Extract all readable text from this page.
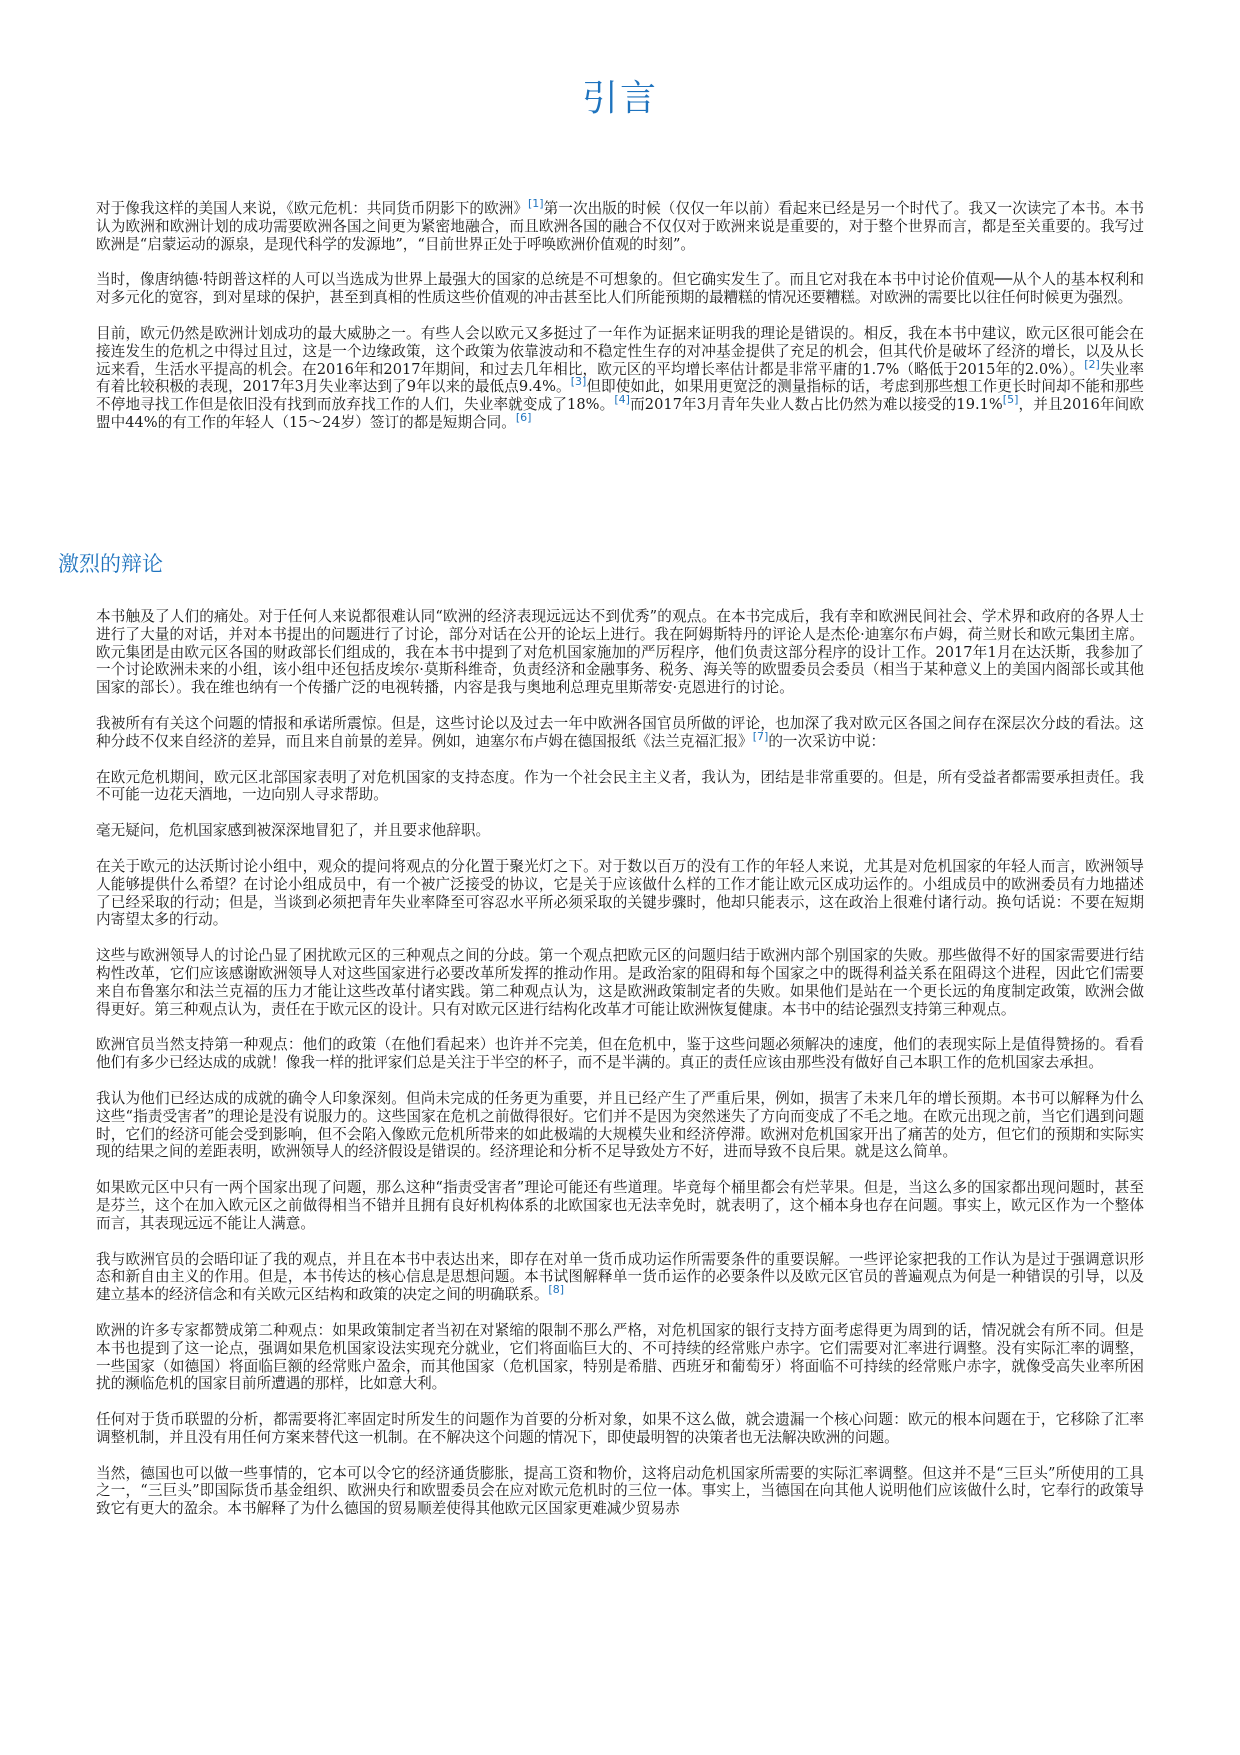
引言

对于像我这样的美国人来说，《欧元危机：共同货币阴影下的欧洲》[1]第一次出版的时候（仅仅一年以前）看起来已经是另一个时代了。我又一次读完了本书。本书认为欧洲和欧洲计划的成功需要欧洲各国之间更为紧密地融合，而且欧洲各国的融合不仅仅对于欧洲来说是重要的，对于整个世界而言，都是至关重要的。我写过欧洲是“启蒙运动的源泉，是现代科学的发源地”，“目前世界正处于呼唤欧洲价值观的时刻”。

当时，像唐纳德·特朗普这样的人可以当选成为世界上最强大的国家的总统是不可想象的。但它确实发生了。而且它对我在本书中讨论价值观──从个人的基本权利和对多元化的宽容，到对星球的保护，甚至到真相的性质这些价值观的冲击甚至比人们所能预期的最糟糕的情况还要糟糕。对欧洲的需要比以往任何时候更为强烈。

目前，欧元仍然是欧洲计划成功的最大威胁之一。有些人会以欧元又多挺过了一年作为证据来证明我的理论是错误的。相反，我在本书中建议，欧元区很可能会在接连发生的危机之中得过且过，这是一个边缘政策，这个政策为依靠波动和不稳定性生存的对冲基金提供了充足的机会，但其代价是破坏了经济的增长，以及从长远来看，生活水平提高的机会。在2016年和2017年期间，和过去几年相比，欧元区的平均增长率估计都是非常平庸的1.7%（略低于2015年的2.0%）。[2]失业率有着比较积极的表现，2017年3月失业率达到了9年以来的最低点9.4%。[3]但即使如此，如果用更宽泛的测量指标的话，考虑到那些想工作更长时间却不能和那些不停地寻找工作但是依旧没有找到而放弃找工作的人们，失业率就变成了18%。[4]而2017年3月青年失业人数占比仍然为难以接受的19.1%[5]，并且2016年间欧盟中44%的有工作的年轻人（15～24岁）签订的都是短期合同。[6]

激烈的辩论

本书触及了人们的痛处。对于任何人来说都很难认同“欧洲的经济表现远远达不到优秀”的观点。在本书完成后，我有幸和欧洲民间社会、学术界和政府的各界人士进行了大量的对话，并对本书提出的问题进行了讨论，部分对话在公开的论坛上进行。我在阿姆斯特丹的评论人是杰伦·迪塞尔布卢姆，荷兰财长和欧元集团主席。欧元集团是由欧元区各国的财政部长们组成的，我在本书中提到了对危机国家施加的严厉程序，他们负责这部分程序的设计工作。2017年1月在达沃斯，我参加了一个讨论欧洲未来的小组，该小组中还包括皮埃尔·莫斯科维奇，负责经济和金融事务、税务、海关等的欧盟委员会委员（相当于某种意义上的美国内阁部长或其他国家的部长）。我在维也纳有一个传播广泛的电视转播，内容是我与奥地利总理克里斯蒂安·克恩进行的讨论。

我被所有有关这个问题的情报和承诺所震惊。但是，这些讨论以及过去一年中欧洲各国官员所做的评论，也加深了我对欧元区各国之间存在深层次分歧的看法。这种分歧不仅来自经济的差异，而且来自前景的差异。例如，迪塞尔布卢姆在德国报纸《法兰克福汇报》[7]的一次采访中说：

在欧元危机期间，欧元区北部国家表明了对危机国家的支持态度。作为一个社会民主主义者，我认为，团结是非常重要的。但是，所有受益者都需要承担责任。我不可能一边花天酒地，一边向别人寻求帮助。

毫无疑问，危机国家感到被深深地冒犯了，并且要求他辞职。

在关于欧元的达沃斯讨论小组中，观众的提问将观点的分化置于聚光灯之下。对于数以百万的没有工作的年轻人来说，尤其是对危机国家的年轻人而言，欧洲领导人能够提供什么希望？在讨论小组成员中，有一个被广泛接受的协议，它是关于应该做什么样的工作才能让欧元区成功运作的。小组成员中的欧洲委员有力地描述了已经采取的行动；但是，当谈到必须把青年失业率降至可容忍水平所必须采取的关键步骤时，他却只能表示，这在政治上很难付诸行动。换句话说：不要在短期内寄望太多的行动。

这些与欧洲领导人的讨论凸显了困扰欧元区的三种观点之间的分歧。第一个观点把欧元区的问题归结于欧洲内部个别国家的失败。那些做得不好的国家需要进行结构性改革，它们应该感谢欧洲领导人对这些国家进行必要改革所发挥的推动作用。是政治家的阻碍和每个国家之中的既得利益关系在阻碍这个进程，因此它们需要来自布鲁塞尔和法兰克福的压力才能让这些改革付诸实践。第二种观点认为，这是欧洲政策制定者的失败。如果他们是站在一个更长远的角度制定政策，欧洲会做得更好。第三种观点认为，责任在于欧元区的设计。只有对欧元区进行结构化改革才可能让欧洲恢复健康。本书中的结论强烈支持第三种观点。

欧洲官员当然支持第一种观点：他们的政策（在他们看起来）也许并不完美，但在危机中，鉴于这些问题必须解决的速度，他们的表现实际上是值得赞扬的。看看他们有多少已经达成的成就！像我一样的批评家们总是关注于半空的杯子，而不是半满的。真正的责任应该由那些没有做好自己本职工作的危机国家去承担。

我认为他们已经达成的成就的确令人印象深刻。但尚未完成的任务更为重要，并且已经产生了严重后果，例如，损害了未来几年的增长预期。本书可以解释为什么这些“指责受害者”的理论是没有说服力的。这些国家在危机之前做得很好。它们并不是因为突然迷失了方向而变成了不毛之地。在欧元出现之前，当它们遇到问题时，它们的经济可能会受到影响，但不会陷入像欧元危机所带来的如此极端的大规模失业和经济停滞。欧洲对危机国家开出了痛苦的处方，但它们的预期和实际实现的结果之间的差距表明，欧洲领导人的经济假设是错误的。经济理论和分析不足导致处方不好，进而导致不良后果。就是这么简单。

如果欧元区中只有一两个国家出现了问题，那么这种“指责受害者”理论可能还有些道理。毕竟每个桶里都会有烂苹果。但是，当这么多的国家都出现问题时，甚至是芬兰，这个在加入欧元区之前做得相当不错并且拥有良好机构体系的北欧国家也无法幸免时，就表明了，这个桶本身也存在问题。事实上，欧元区作为一个整体而言，其表现远远不能让人满意。

我与欧洲官员的会晤印证了我的观点，并且在本书中表达出来，即存在对单一货币成功运作所需要条件的重要误解。一些评论家把我的工作认为是过于强调意识形态和新自由主义的作用。但是，本书传达的核心信息是思想问题。本书试图解释单一货币运作的必要条件以及欧元区官员的普遍观点为何是一种错误的引导，以及建立基本的经济信念和有关欧元区结构和政策的决定之间的明确联系。[8]

欧洲的许多专家都赞成第二种观点：如果政策制定者当初在对紧缩的限制不那么严格，对危机国家的银行支持方面考虑得更为周到的话，情况就会有所不同。但是本书也提到了这一论点，强调如果危机国家设法实现充分就业，它们将面临巨大的、不可持续的经常账户赤字。它们需要对汇率进行调整。没有实际汇率的调整，一些国家（如德国）将面临巨额的经常账户盈余，而其他国家（危机国家，特别是希腊、西班牙和葡萄牙）将面临不可持续的经常账户赤字，就像受高失业率所困扰的濒临危机的国家目前所遭遇的那样，比如意大利。

任何对于货币联盟的分析，都需要将汇率固定时所发生的问题作为首要的分析对象，如果不这么做，就会遗漏一个核心问题：欧元的根本问题在于，它移除了汇率调整机制，并且没有用任何方案来替代这一机制。在不解决这个问题的情况下，即使最明智的决策者也无法解决欧洲的问题。

当然，德国也可以做一些事情的，它本可以令它的经济通货膨胀，提高工资和物价，这将启动危机国家所需要的实际汇率调整。但这并不是“三巨头”所使用的工具之一，“三巨头”即国际货币基金组织、欧洲央行和欧盟委员会在应对欧元危机时的三位一体。事实上，当德国在向其他人说明他们应该做什么时，它奉行的政策导致它有更大的盈余。本书解释了为什么德国的贸易顺差使得其他欧元区国家更难减少贸易赤
